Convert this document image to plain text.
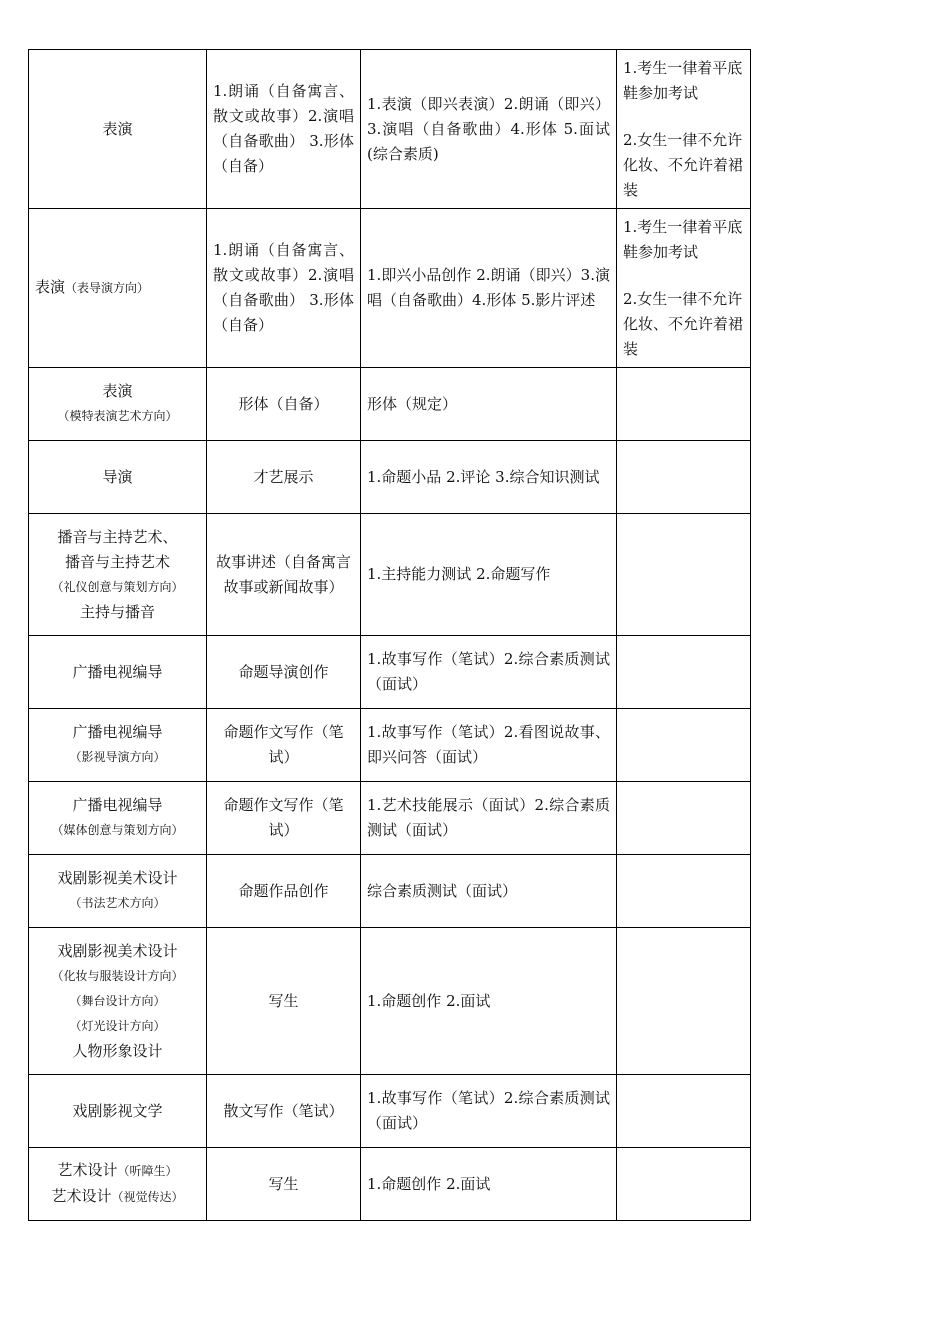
表演	1.朗诵（自备寓言、散文或故事）2.演唱（自备歌曲） 3.形体（自备）	1.表演（即兴表演）2.朗诵（即兴）3.演唱（自备歌曲）4.形体 5.面试(综合素质)	1.考生一律着平底鞋参加考试
2.女生一律不允许化妆、不允许着裙装

表演（表导演方向）	1.朗诵（自备寓言、散文或故事）2.演唱（自备歌曲） 3.形体（自备）	1.即兴小品创作 2.朗诵（即兴）3.演唱（自备歌曲）4.形体 5.影片评述	1.考生一律着平底鞋参加考试
2.女生一律不允许化妆、不允许着裙装

表演
（模特表演艺术方向）	形体（自备）	形体（规定）	

导演	才艺展示	1.命题小品 2.评论 3.综合知识测试	

播音与主持艺术、
播音与主持艺术
（礼仪创意与策划方向）
主持与播音	故事讲述（自备寓言故事或新闻故事）	1.主持能力测试 2.命题写作	

广播电视编导	命题导演创作	1.故事写作（笔试）2.综合素质测试（面试）	

广播电视编导
（影视导演方向）	命题作文写作（笔试）	1.故事写作（笔试）2.看图说故事、即兴问答（面试）	

广播电视编导
（媒体创意与策划方向）	命题作文写作（笔试）	1.艺术技能展示（面试）2.综合素质测试（面试）	

戏剧影视美术设计
（书法艺术方向）	命题作品创作	综合素质测试（面试）	

戏剧影视美术设计
（化妆与服装设计方向）
（舞台设计方向）
（灯光设计方向）
人物形象设计	写生	1.命题创作 2.面试	

戏剧影视文学	散文写作（笔试）	1.故事写作（笔试）2.综合素质测试（面试）	

艺术设计（听障生）
艺术设计（视觉传达）	写生	1.命题创作 2.面试	
